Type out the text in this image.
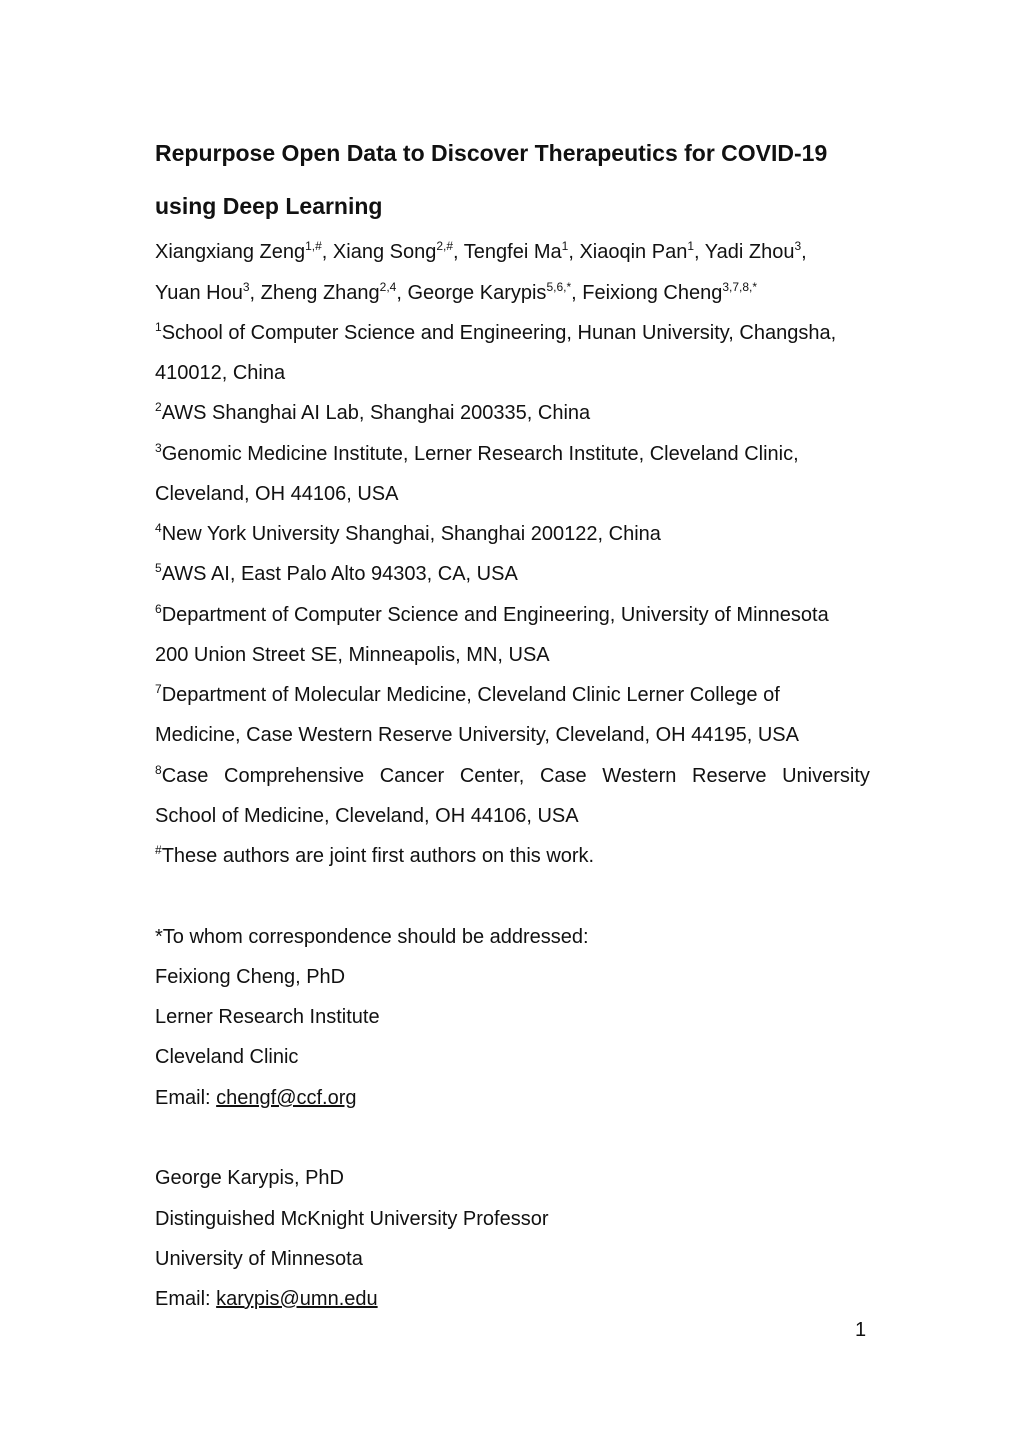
Repurpose Open Data to Discover Therapeutics for COVID-19
using Deep Learning
Xiangxiang Zeng$^{1,\#}$, Xiang Song$^{2,\#}$, Tengfei Ma$^1$, Xiaoqin Pan$^1$, Yadi Zhou$^3$,
Yuan Hou$^3$, Zheng Zhang$^{2,4}$, George Karypis$^{5,6,*}$, Feixiong Cheng$^{3,7,8,*}$
$^1$School of Computer Science and Engineering, Hunan University, Changsha,
410012, China
$^2$AWS Shanghai AI Lab, Shanghai 200335, China
$^3$Genomic Medicine Institute, Lerner Research Institute, Cleveland Clinic,
Cleveland, OH 44106, USA
$^4$New York University Shanghai, Shanghai 200122, China
$^5$AWS AI, East Palo Alto 94303, CA, USA
$^6$Department of Computer Science and Engineering, University of Minnesota
200 Union Street SE, Minneapolis, MN, USA
$^7$Department of Molecular Medicine, Cleveland Clinic Lerner College of
Medicine, Case Western Reserve University, Cleveland, OH 44195, USA
$^8$Case Comprehensive Cancer Center, Case Western Reserve University
School of Medicine, Cleveland, OH 44106, USA
#These authors are joint first authors on this work.
*To whom correspondence should be addressed:
Feixiong Cheng, PhD
Lerner Research Institute
Cleveland Clinic
Email: chengf@ccf.org
George Karypis, PhD
Distinguished McKnight University Professor
University of Minnesota
Email: karypis@umn.edu
1
